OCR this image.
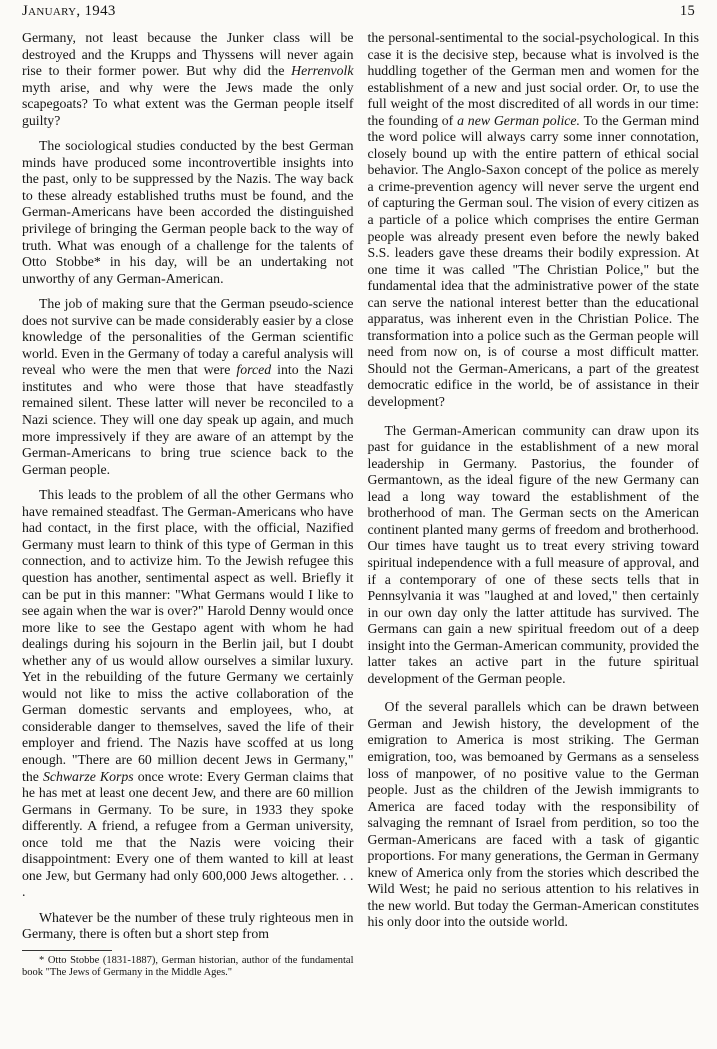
January, 1943	15

Germany, not least because the Junker class will be destroyed and the Krupps and Thyssens will never again rise to their former power. But why did the Herrenvolk myth arise, and why were the Jews made the only scapegoats? To what extent was the German people itself guilty?

The sociological studies conducted by the best German minds have produced some incontrovertible insights into the past, only to be suppressed by the Nazis. The way back to these already established truths must be found, and the German-Americans have been accorded the distinguished privilege of bringing the German people back to the way of truth. What was enough of a challenge for the talents of Otto Stobbe* in his day, will be an undertaking not unworthy of any German-American.

The job of making sure that the German pseudo-science does not survive can be made considerably easier by a close knowledge of the personalities of the German scientific world. Even in the Germany of today a careful analysis will reveal who were the men that were forced into the Nazi institutes and who were those that have steadfastly remained silent. These latter will never be reconciled to a Nazi science. They will one day speak up again, and much more impressively if they are aware of an attempt by the German-Americans to bring true science back to the German people.

This leads to the problem of all the other Germans who have remained steadfast. The German-Americans who have had contact, in the first place, with the official, Nazified Germany must learn to think of this type of German in this connection, and to activize him. To the Jewish refugee this question has another, sentimental aspect as well. Briefly it can be put in this manner: "What Germans would I like to see again when the war is over?" Harold Denny would once more like to see the Gestapo agent with whom he had dealings during his sojourn in the Berlin jail, but I doubt whether any of us would allow ourselves a similar luxury. Yet in the rebuilding of the future Germany we certainly would not like to miss the active collaboration of the German domestic servants and employees, who, at considerable danger to themselves, saved the life of their employer and friend. The Nazis have scoffed at us long enough. "There are 60 million decent Jews in Germany," the Schwarze Korps once wrote: Every German claims that he has met at least one decent Jew, and there are 60 million Germans in Germany. To be sure, in 1933 they spoke differently. A friend, a refugee from a German university, once told me that the Nazis were voicing their disappointment: Every one of them wanted to kill at least one Jew, but Germany had only 600,000 Jews altogether. . . .

Whatever be the number of these truly righteous men in Germany, there is often but a short step from

* Otto Stobbe (1831-1887), German historian, author of the fundamental book "The Jews of Germany in the Middle Ages."

the personal-sentimental to the social-psychological. In this case it is the decisive step, because what is involved is the huddling together of the German men and women for the establishment of a new and just social order. Or, to use the full weight of the most discredited of all words in our time: the founding of a new German police. To the German mind the word police will always carry some inner connotation, closely bound up with the entire pattern of ethical social behavior. The Anglo-Saxon concept of the police as merely a crime-prevention agency will never serve the urgent end of capturing the German soul. The vision of every citizen as a particle of a police which comprises the entire German people was already present even before the newly baked S.S. leaders gave these dreams their bodily expression. At one time it was called "The Christian Police," but the fundamental idea that the administrative power of the state can serve the national interest better than the educational apparatus, was inherent even in the Christian Police. The transformation into a police such as the German people will need from now on, is of course a most difficult matter. Should not the German-Americans, a part of the greatest democratic edifice in the world, be of assistance in their development?

The German-American community can draw upon its past for guidance in the establishment of a new moral leadership in Germany. Pastorius, the founder of Germantown, as the ideal figure of the new Germany can lead a long way toward the establishment of the brotherhood of man. The German sects on the American continent planted many germs of freedom and brotherhood. Our times have taught us to treat every striving toward spiritual independence with a full measure of approval, and if a contemporary of one of these sects tells that in Pennsylvania it was "laughed at and loved," then certainly in our own day only the latter attitude has survived. The Germans can gain a new spiritual freedom out of a deep insight into the German-American community, provided the latter takes an active part in the future spiritual development of the German people.

Of the several parallels which can be drawn between German and Jewish history, the development of the emigration to America is most striking. The German emigration, too, was bemoaned by Germans as a senseless loss of manpower, of no positive value to the German people. Just as the children of the Jewish immigrants to America are faced today with the responsibility of salvaging the remnant of Israel from perdition, so too the German-Americans are faced with a task of gigantic proportions. For many generations, the German in Germany knew of America only from the stories which described the Wild West; he paid no serious attention to his relatives in the new world. But today the German-American constitutes his only door into the outside world.
